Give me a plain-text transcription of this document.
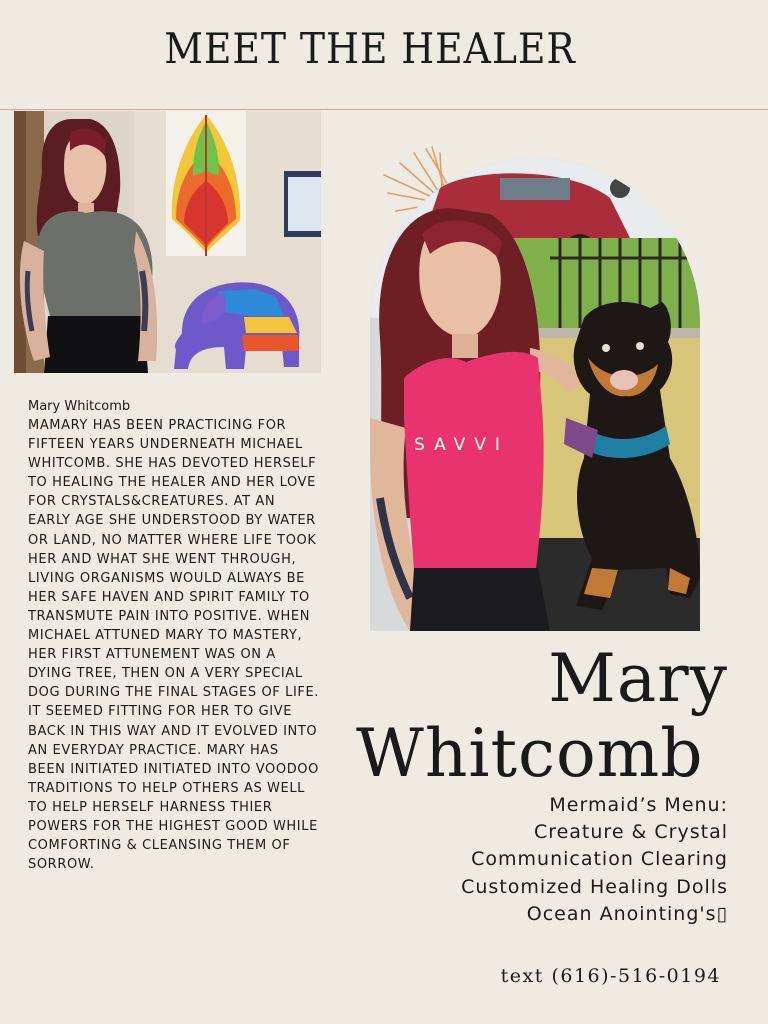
MEET THE HEALER
Mary Whitcomb

MAMARY HAS BEEN PRACTICING FOR FIFTEEN YEARS UNDERNEATH MICHAEL WHITCOMB. SHE HAS DEVOTED HERSELF TO HEALING THE HEALER AND HER LOVE FOR CRYSTALS&CREATURES. AT AN EARLY AGE SHE UNDERSTOOD BY WATER OR LAND, NO MATTER WHERE LIFE TOOK HER AND WHAT SHE WENT THROUGH, LIVING ORGANISMS WOULD ALWAYS BE HER SAFE HAVEN AND SPIRIT FAMILY TO TRANSMUTE PAIN INTO POSITIVE. WHEN MICHAEL ATTUNED MARY TO MASTERY, HER FIRST ATTUNEMENT WAS ON A DYING TREE, THEN ON A VERY SPECIAL DOG DURING THE FINAL STAGES OF LIFE. IT SEEMED FITTING FOR HER TO GIVE BACK IN THIS WAY AND IT EVOLVED INTO AN EVERYDAY PRACTICE. MARY HAS BEEN INITIATED INITIATED INTO VOODOO TRADITIONS TO HELP OTHERS AS WELL TO HELP HERSELF HARNESS THIER POWERS FOR THE HIGHEST GOOD WHILE COMFORTING & CLEANSING THEM OF SORROW.

SAVVI
Mary
Whitcomb
Mermaid’s Menu:
Creature & Crystal
Communication Clearing
Customized Healing Dolls
Ocean Anointing's▯
text (616)-516-0194
